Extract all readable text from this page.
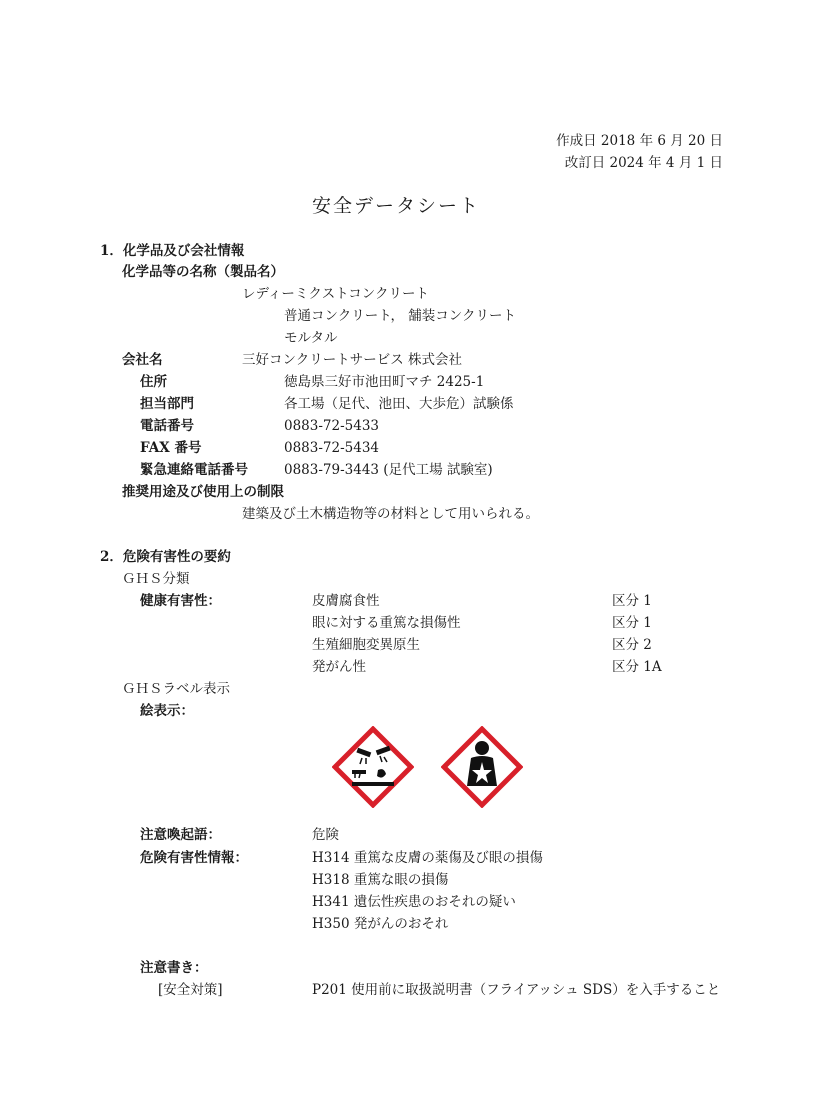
作成日 2018 年 6 月 20 日
改訂日 2024 年 4 月 1 日
安全データシート
1．化学品及び会社情報
化学品等の名称（製品名）
レディーミクストコンクリート
普通コンクリート， 舗装コンクリート
モルタル
会社名	三好コンクリートサービス 株式会社
住所	徳島県三好市池田町マチ 2425-1
担当部門	各工場（足代、池田、大歩危）試験係
電話番号	0883-72-5433
FAX 番号	0883-72-5434
緊急連絡電話番号	0883-79-3443 (足代工場 試験室)
推奨用途及び使用上の制限
建築及び土木構造物等の材料として用いられる。
2．危険有害性の要約
ＧＨＳ分類
健康有害性：	皮膚腐食性	区分 1
眼に対する重篤な損傷性	区分 1
生殖細胞変異原生	区分 2
発がん性	区分 1A
ＧＨＳラベル表示
絵表示：
注意喚起語：	危険
危険有害性情報：	H314 重篤な皮膚の薬傷及び眼の損傷
H318 重篤な眼の損傷
H341 遺伝性疾患のおそれの疑い
H350 発がんのおそれ
注意書き：
[安全対策]	P201 使用前に取扱説明書（フライアッシュ SDS）を入手すること
